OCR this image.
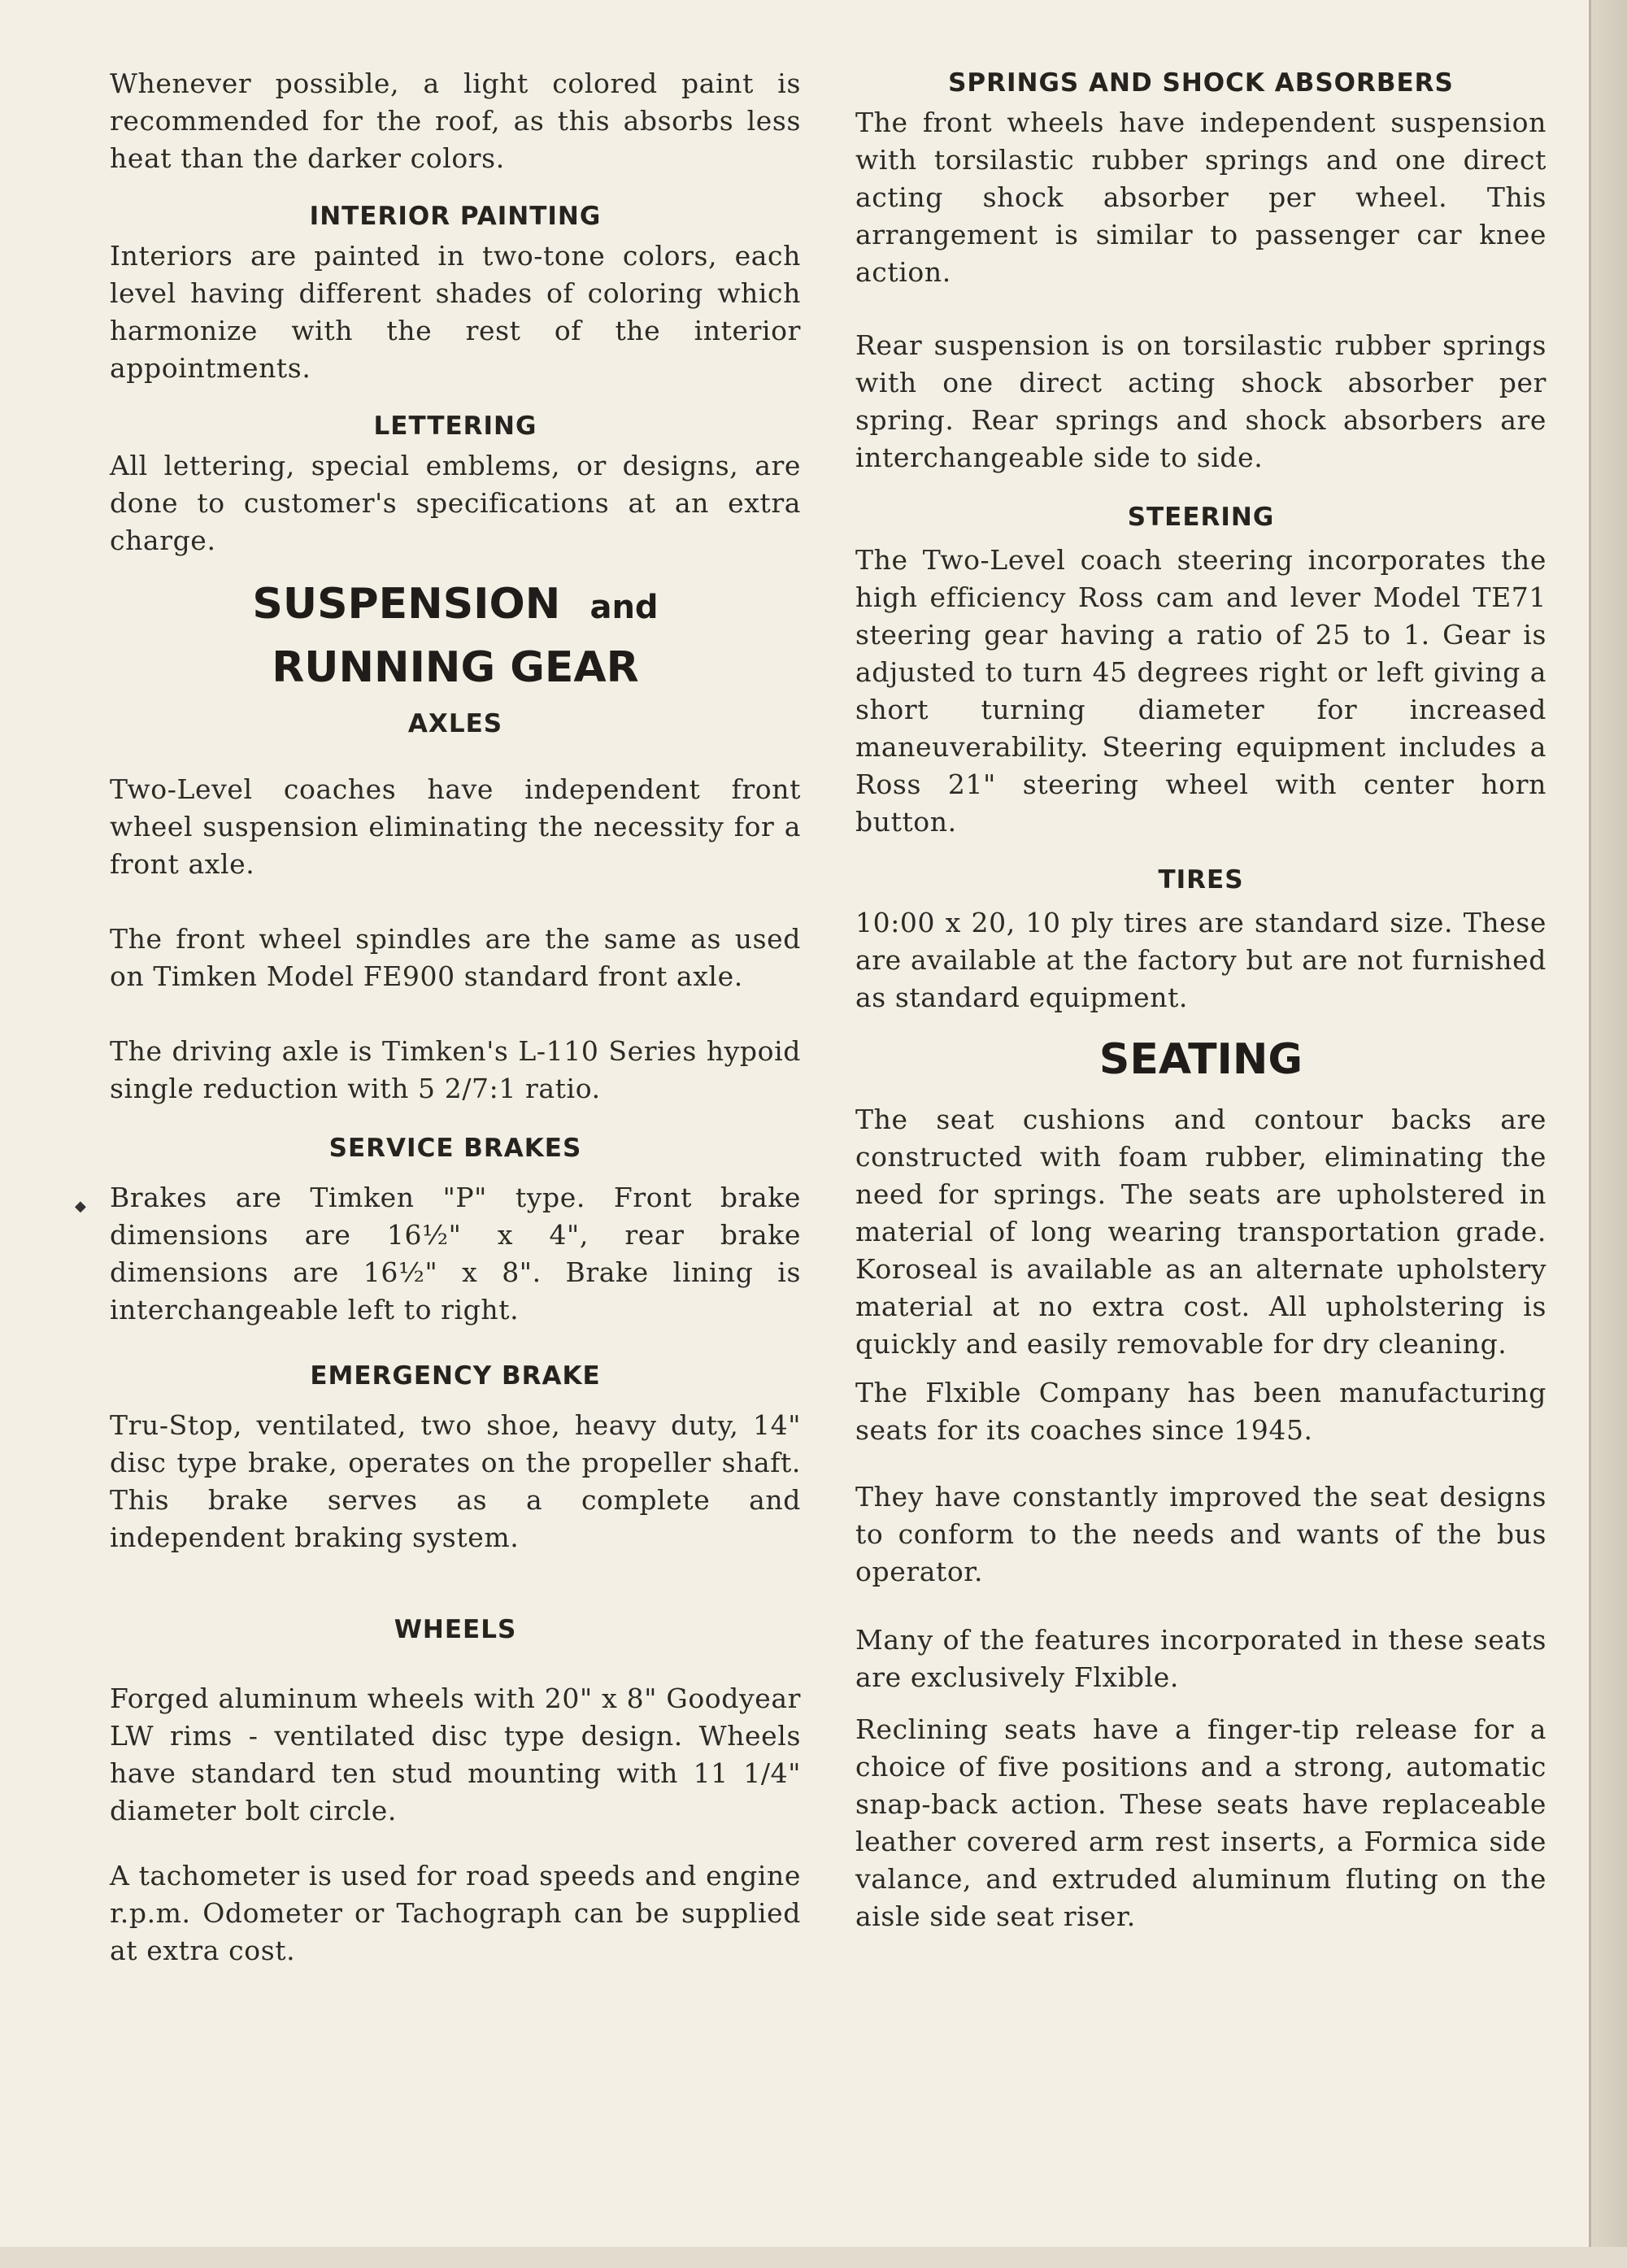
◆

Whenever possible, a light colored paint is recommended for the roof, as this absorbs less heat than the darker colors.

INTERIOR PAINTING

Interiors are painted in two-tone colors, each level having different shades of coloring which harmonize with the rest of the interior appointments.

LETTERING

All lettering, special emblems, or designs, are done to customer's specifications at an extra charge.

SUSPENSION and
RUNNING GEAR

AXLES

Two-Level coaches have independent front wheel suspension eliminating the necessity for a front axle.

The front wheel spindles are the same as used on Timken Model FE900 standard front axle.

The driving axle is Timken's L-110 Series hypoid single reduction with 5 2/7:1 ratio.

SERVICE BRAKES

Brakes are Timken "P" type. Front brake dimensions are 16½" x 4", rear brake dimensions are 16½" x 8". Brake lining is interchangeable left to right.

EMERGENCY BRAKE

Tru-Stop, ventilated, two shoe, heavy duty, 14" disc type brake, operates on the propeller shaft. This brake serves as a complete and independent braking system.

WHEELS

Forged aluminum wheels with 20" x 8" Goodyear LW rims - ventilated disc type design. Wheels have standard ten stud mounting with 11 1/4" diameter bolt circle.

A tachometer is used for road speeds and engine r.p.m. Odometer or Tachograph can be supplied at extra cost.

SPRINGS AND SHOCK ABSORBERS

The front wheels have independent suspension with torsilastic rubber springs and one direct acting shock absorber per wheel. This arrangement is similar to passenger car knee action.

Rear suspension is on torsilastic rubber springs with one direct acting shock absorber per spring. Rear springs and shock absorbers are interchangeable side to side.

STEERING

The Two-Level coach steering incorporates the high efficiency Ross cam and lever Model TE71 steering gear having a ratio of 25 to 1. Gear is adjusted to turn 45 degrees right or left giving a short turning diameter for increased maneuverability. Steering equipment includes a Ross 21" steering wheel with center horn button.

TIRES

10:00 x 20, 10 ply tires are standard size. These are available at the factory but are not furnished as standard equipment.

SEATING

The seat cushions and contour backs are constructed with foam rubber, eliminating the need for springs. The seats are upholstered in material of long wearing transportation grade. Koroseal is available as an alternate upholstery material at no extra cost. All upholstering is quickly and easily removable for dry cleaning.

The Flxible Company has been manufacturing seats for its coaches since 1945.

They have constantly improved the seat designs to conform to the needs and wants of the bus operator.

Many of the features incorporated in these seats are exclusively Flxible.

Reclining seats have a finger-tip release for a choice of five positions and a strong, automatic snap-back action. These seats have replaceable leather covered arm rest inserts, a Formica side valance, and extruded aluminum fluting on the aisle side seat riser.
